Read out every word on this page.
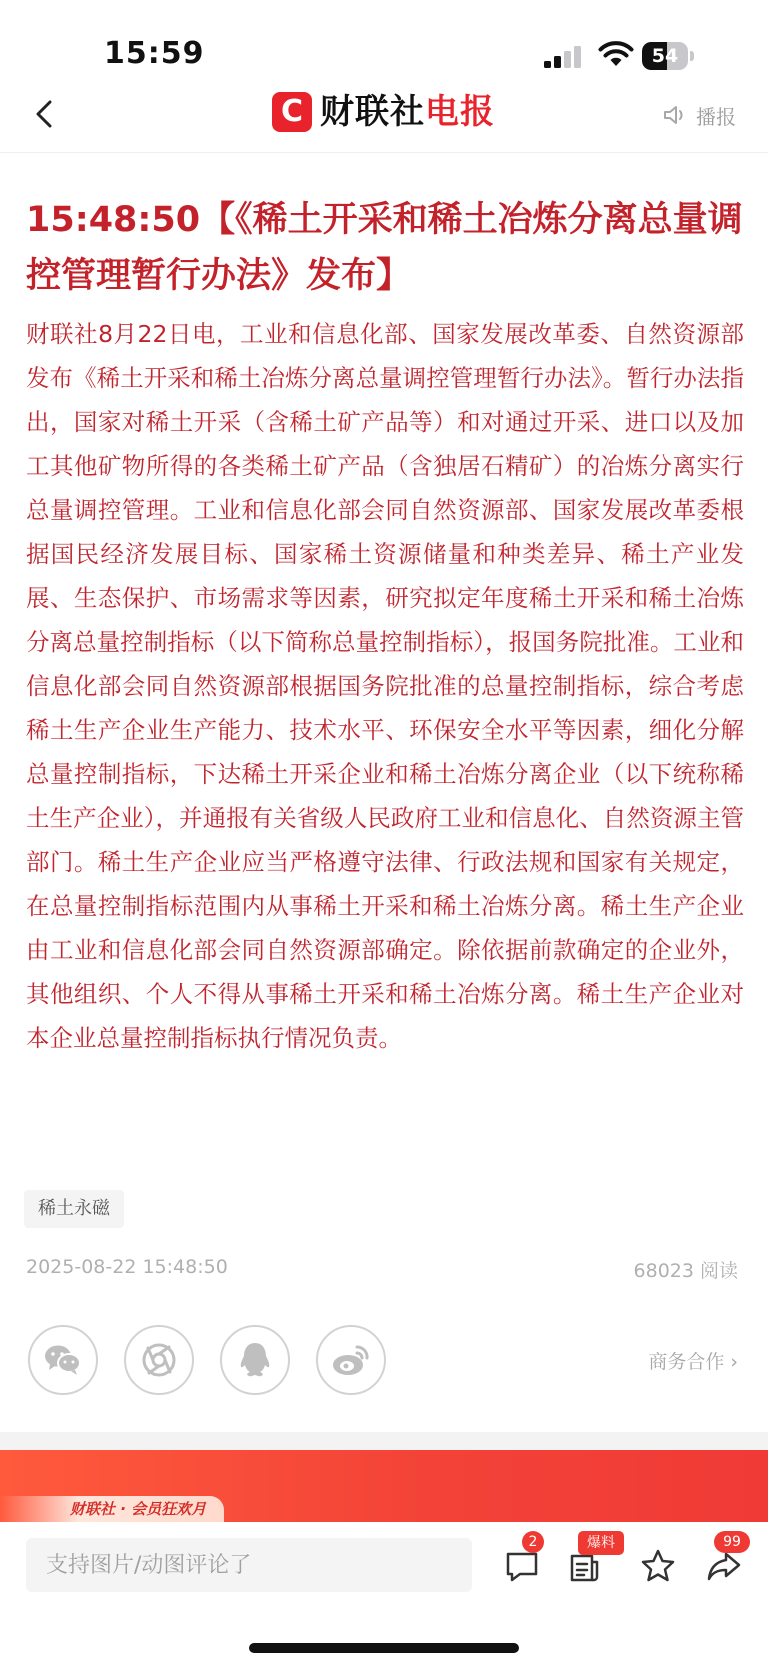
15:59	54
C 财联社电报	播报
15:48:50【《稀土开采和稀土冶炼分离总量调控管理暂行办法》发布】
财联社8月22日电，工业和信息化部、国家发展改革委、自然资源部发布《稀土开采和稀土冶炼分离总量调控管理暂行办法》。暂行办法指出，国家对稀土开采（含稀土矿产品等）和对通过开采、进口以及加工其他矿物所得的各类稀土矿产品（含独居石精矿）的冶炼分离实行总量调控管理。工业和信息化部会同自然资源部、国家发展改革委根据国民经济发展目标、国家稀土资源储量和种类差异、稀土产业发展、生态保护、市场需求等因素，研究拟定年度稀土开采和稀土冶炼分离总量控制指标（以下简称总量控制指标），报国务院批准。工业和信息化部会同自然资源部根据国务院批准的总量控制指标，综合考虑稀土生产企业生产能力、技术水平、环保安全水平等因素，细化分解总量控制指标，下达稀土开采企业和稀土冶炼分离企业（以下统称稀土生产企业），并通报有关省级人民政府工业和信息化、自然资源主管部门。稀土生产企业应当严格遵守法律、行政法规和国家有关规定，在总量控制指标范围内从事稀土开采和稀土冶炼分离。稀土生产企业由工业和信息化部会同自然资源部确定。除依据前款确定的企业外，其他组织、个人不得从事稀土开采和稀土冶炼分离。稀土生产企业对本企业总量控制指标执行情况负责。
稀土永磁
2025-08-22 15:48:50	68023 阅读
商务合作 ›
财联社 · 会员狂欢月
支持图片/动图评论了
2	爆料	99
